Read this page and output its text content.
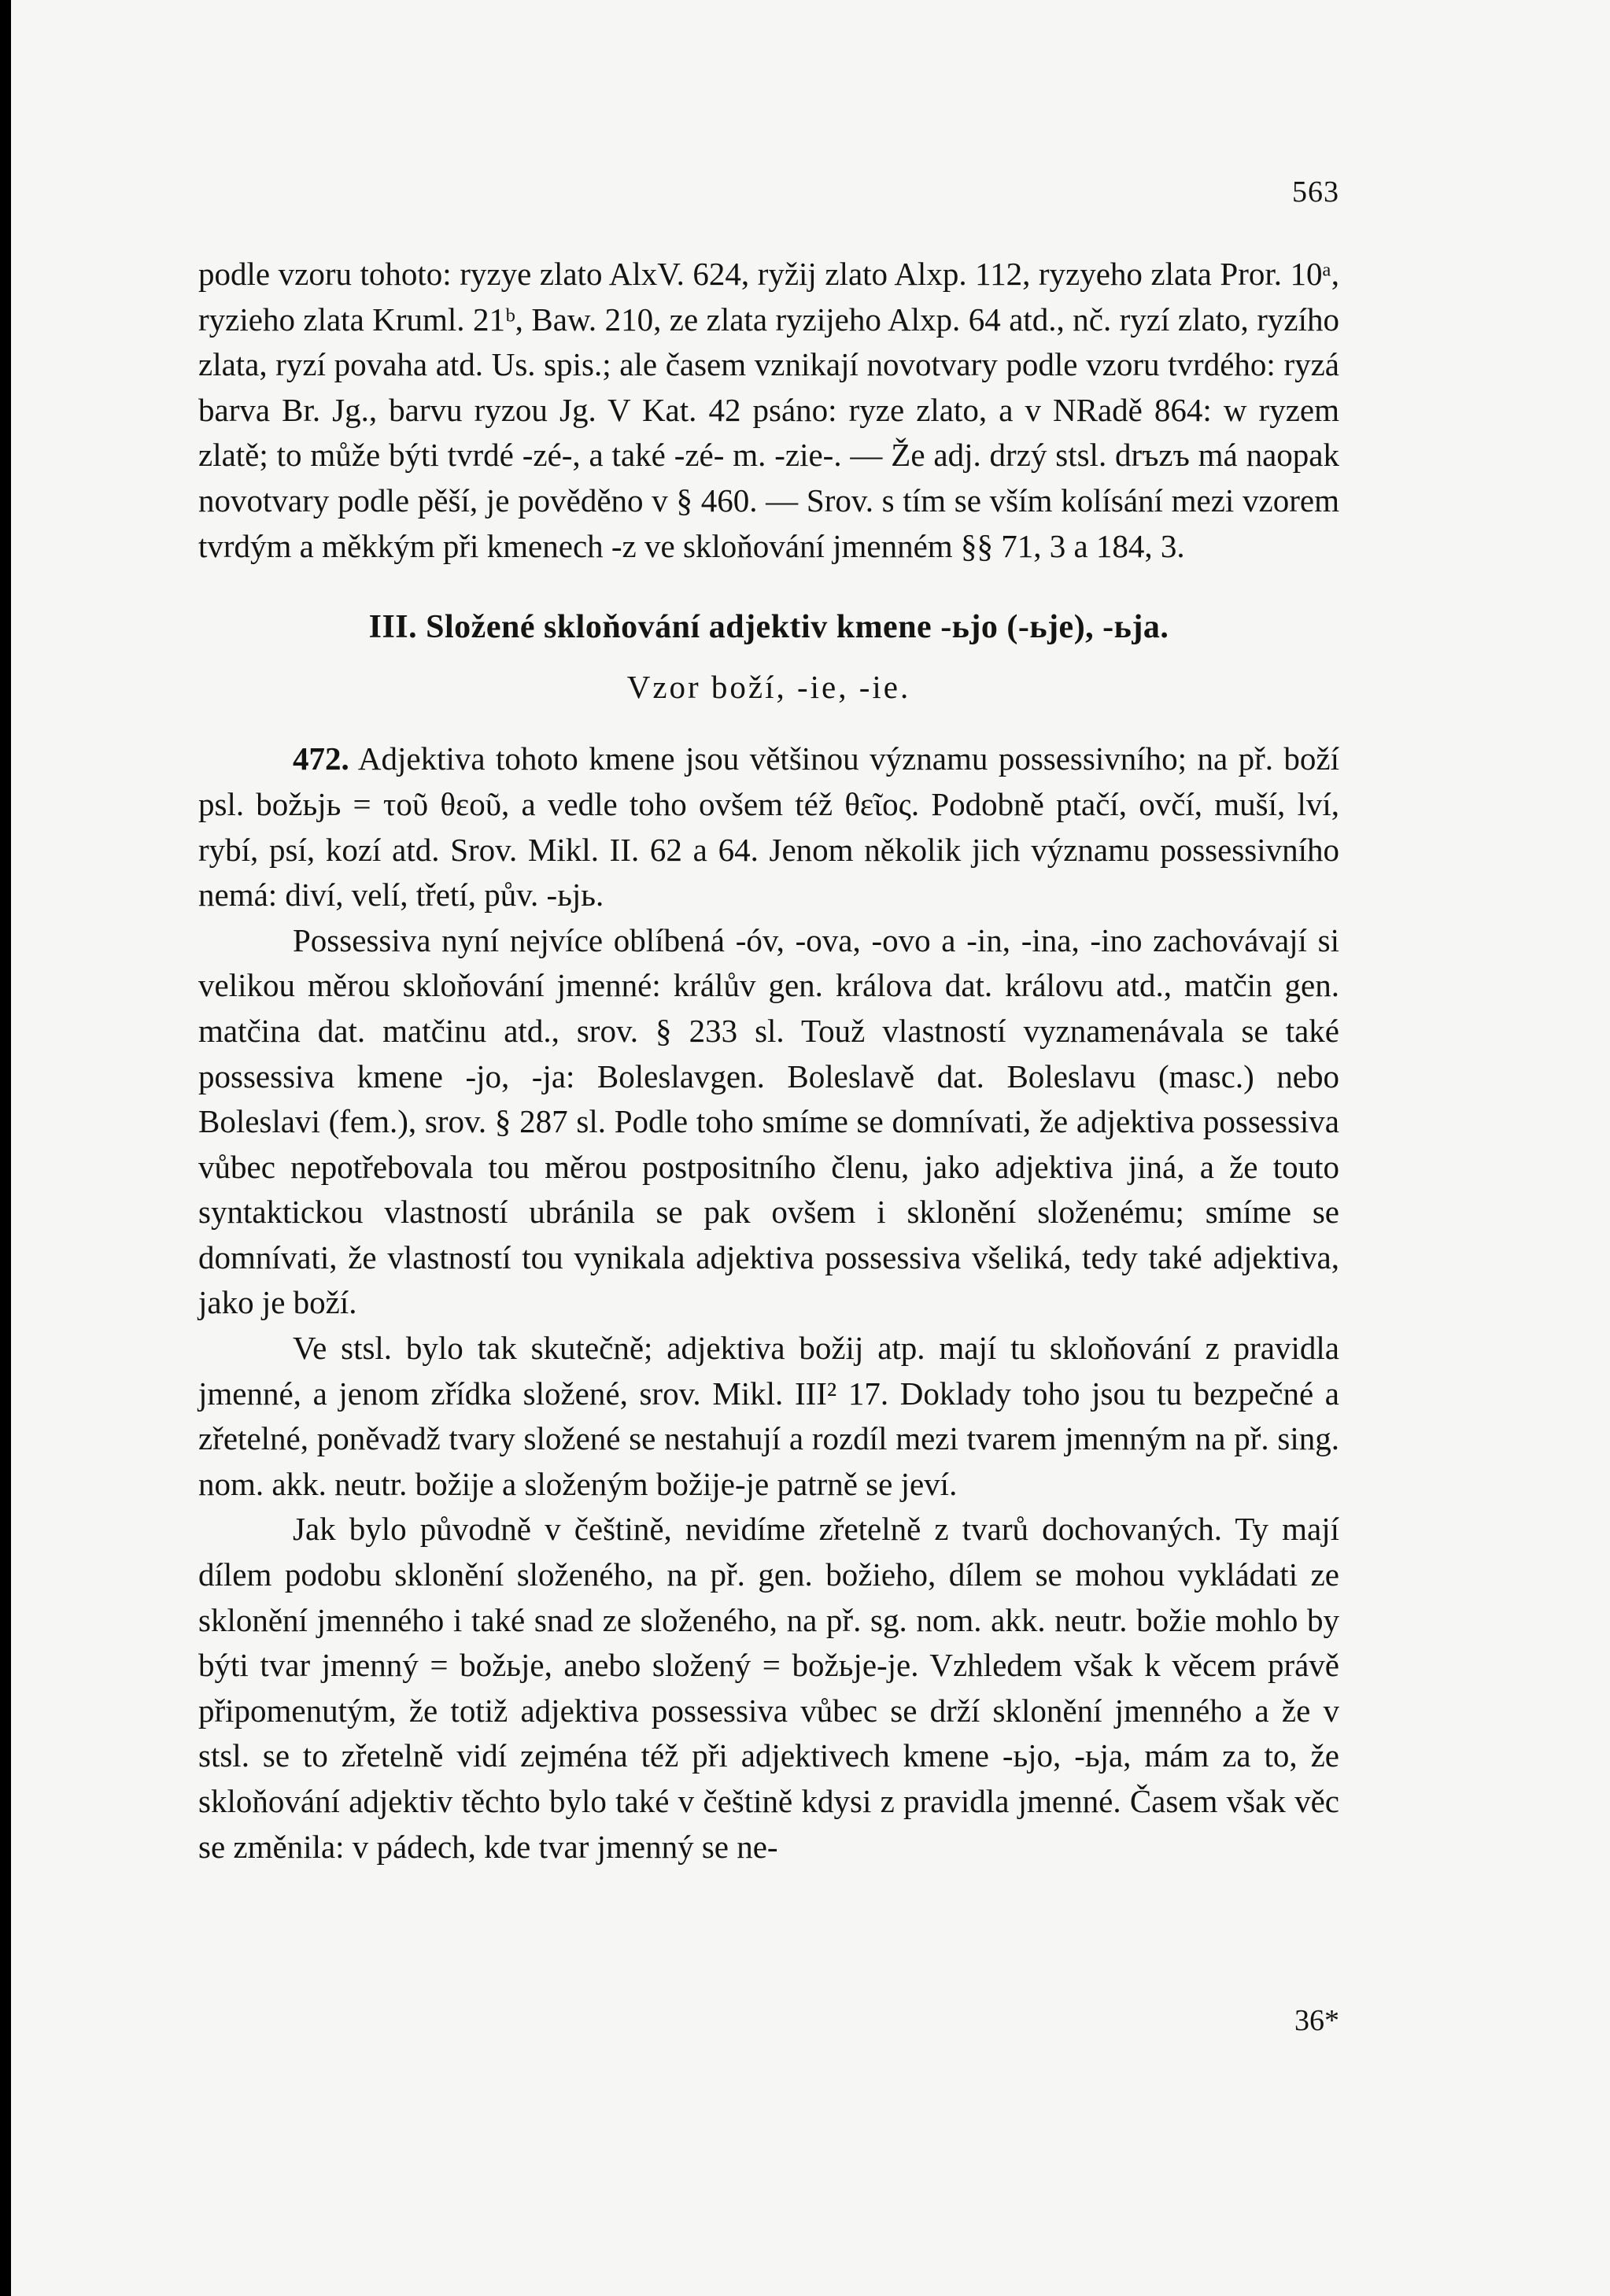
563

podle vzoru tohoto: ryzye zlato AlxV. 624, ryžij zlato Alxp. 112, ryzyeho zlata Pror. 10ᵃ, ryzieho zlata Kruml. 21ᵇ, Baw. 210, ze zlata ryzijeho Alxp. 64 atd., nč. ryzí zlato, ryzího zlata, ryzí povaha atd. Us. spis.; ale časem vznikají novotvary podle vzoru tvrdého: ryzá barva Br. Jg., barvu ryzou Jg. V Kat. 42 psáno: ryze zlato, a v NRadě 864: w ryzem zlatě; to může býti tvrdé -zé-, a také -zé- m. -zie-. — Že adj. drzý stsl. drъzъ má naopak novotvary podle pěší, je pověděno v § 460. — Srov. s tím se vším kolísání mezi vzorem tvrdým a měkkým při kmenech -z ve skloňování jmenném §§ 71, 3 a 184, 3.

III. Složené skloňování adjektiv kmene -ьjo (-ьje), -ьja.
Vzor boží, -ie, -ie.

472. Adjektiva tohoto kmene jsou většinou významu possessivního; na př. boží psl. božьjь = τοῦ θεοῦ, a vedle toho ovšem též θεῖος. Podobně ptačí, ovčí, muší, lví, rybí, psí, kozí atd. Srov. Mikl. II. 62 a 64. Jenom několik jich významu possessivního nemá: diví, velí, třetí, pův. -ьjь.

Possessiva nyní nejvíce oblíbená -óv, -ova, -ovo a -in, -ina, -ino zachovávají si velikou měrou skloňování jmenné: králův gen. králova dat. královu atd., matčin gen. matčina dat. matčinu atd., srov. § 233 sl. Touž vlastností vyznamenávala se také possessiva kmene -jo, -ja: Boleslavgen. Boleslavě dat. Boleslavu (masc.) nebo Boleslavi (fem.), srov. § 287 sl. Podle toho smíme se domnívati, že adjektiva possessiva vůbec nepotřebovala tou měrou postpositního členu, jako adjektiva jiná, a že touto syntaktickou vlastností ubránila se pak ovšem i sklonění složenému; smíme se domnívati, že vlastností tou vynikala adjektiva possessiva všeliká, tedy také adjektiva, jako je boží.

Ve stsl. bylo tak skutečně; adjektiva božij atp. mají tu skloňování z pravidla jmenné, a jenom zřídka složené, srov. Mikl. III² 17. Doklady toho jsou tu bezpečné a zřetelné, poněvadž tvary složené se nestahují a rozdíl mezi tvarem jmenným na př. sing. nom. akk. neutr. božije a složeným božije-je patrně se jeví.

Jak bylo původně v češtině, nevidíme zřetelně z tvarů dochovaných. Ty mají dílem podobu sklonění složeného, na př. gen. božieho, dílem se mohou vykládati ze sklonění jmenného i také snad ze složeného, na př. sg. nom. akk. neutr. božie mohlo by býti tvar jmenný = božьje, anebo složený = božьje-je. Vzhledem však k věcem právě připomenutým, že totiž adjektiva possessiva vůbec se drží sklonění jmenného a že v stsl. se to zřetelně vidí zejména též při adjektivech kmene -ьjo, -ьja, mám za to, že skloňování adjektiv těchto bylo také v češtině kdysi z pravidla jmenné. Časem však věc se změnila: v pádech, kde tvar jmenný se ne-

36*
